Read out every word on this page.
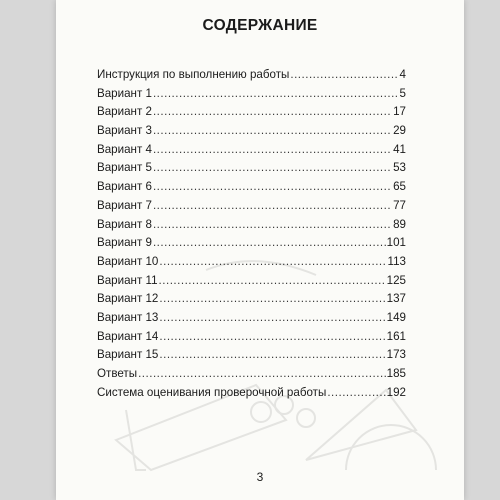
СОДЕРЖАНИЕ
Инструкция по выполнению работы .....	4
Вариант 1 .....	5
Вариант 2 .....	17
Вариант 3 .....	29
Вариант 4 .....	41
Вариант 5 .....	53
Вариант 6 .....	65
Вариант 7 .....	77
Вариант 8 .....	89
Вариант 9 .....	101
Вариант 10 .....	113
Вариант 11 .....	125
Вариант 12 .....	137
Вариант 13 .....	149
Вариант 14 .....	161
Вариант 15 .....	173
Ответы .....	185
Система оценивания проверочной работы .....	192
3
